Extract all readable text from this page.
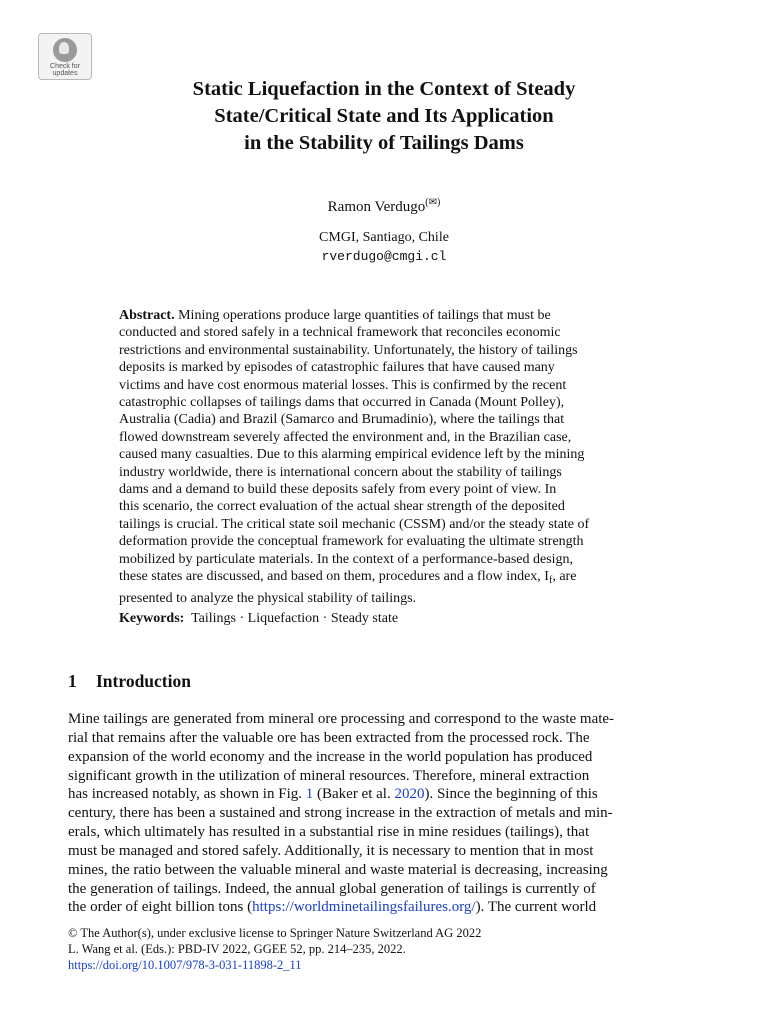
Check for
updates
Static Liquefaction in the Context of Steady
State/Critical State and Its Application
in the Stability of Tailings Dams
Ramon Verdugo(✉)
CMGI, Santiago, Chile
rverdugo@cmgi.cl
Abstract. Mining operations produce large quantities of tailings that must be
conducted and stored safely in a technical framework that reconciles economic
restrictions and environmental sustainability. Unfortunately, the history of tailings
deposits is marked by episodes of catastrophic failures that have caused many
victims and have cost enormous material losses. This is confirmed by the recent
catastrophic collapses of tailings dams that occurred in Canada (Mount Polley),
Australia (Cadia) and Brazil (Samarco and Brumadinio), where the tailings that
flowed downstream severely affected the environment and, in the Brazilian case,
caused many casualties. Due to this alarming empirical evidence left by the mining
industry worldwide, there is international concern about the stability of tailings
dams and a demand to build these deposits safely from every point of view. In
this scenario, the correct evaluation of the actual shear strength of the deposited
tailings is crucial. The critical state soil mechanic (CSSM) and/or the steady state of
deformation provide the conceptual framework for evaluating the ultimate strength
mobilized by particulate materials. In the context of a performance-based design,
these states are discussed, and based on them, procedures and a flow index, $I_f$, are
presented to analyze the physical stability of tailings.
Keywords: Tailings · Liquefaction · Steady state
1 Introduction
Mine tailings are generated from mineral ore processing and correspond to the waste mate-
rial that remains after the valuable ore has been extracted from the processed rock. The
expansion of the world economy and the increase in the world population has produced
significant growth in the utilization of mineral resources. Therefore, mineral extraction
has increased notably, as shown in Fig. 1 (Baker et al. 2020). Since the beginning of this
century, there has been a sustained and strong increase in the extraction of metals and min-
erals, which ultimately has resulted in a substantial rise in mine residues (tailings), that
must be managed and stored safely. Additionally, it is necessary to mention that in most
mines, the ratio between the valuable mineral and waste material is decreasing, increasing
the generation of tailings. Indeed, the annual global generation of tailings is currently of
the order of eight billion tons (https://worldminetailingsfailures.org/). The current world
© The Author(s), under exclusive license to Springer Nature Switzerland AG 2022
L. Wang et al. (Eds.): PBD-IV 2022, GGEE 52, pp. 214–235, 2022.
https://doi.org/10.1007/978-3-031-11898-2_11
